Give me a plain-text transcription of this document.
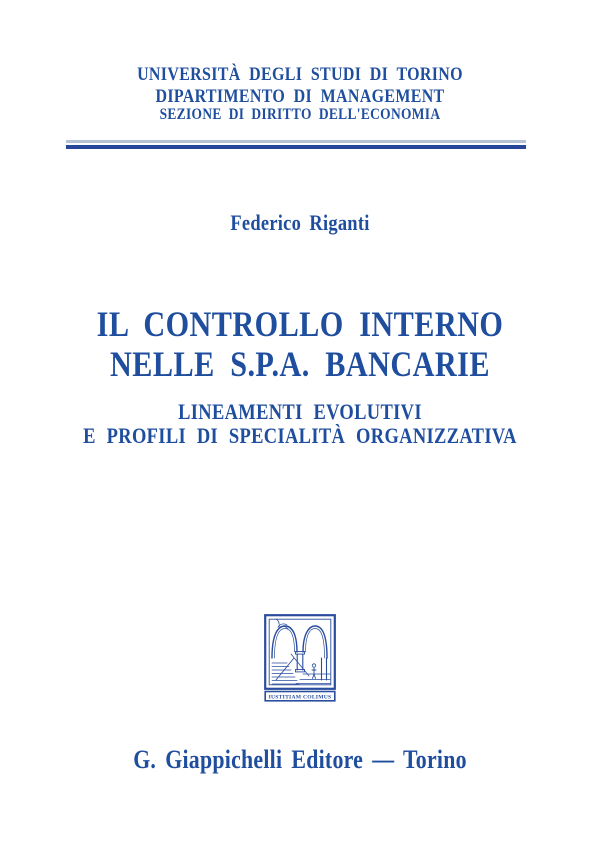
UNIVERSITÀ DEGLI STUDI DI TORINO
DIPARTIMENTO DI MANAGEMENT
SEZIONE DI DIRITTO DELL'ECONOMIA
Federico Riganti
IL CONTROLLO INTERNO
NELLE S.P.A. BANCARIE
LINEAMENTI EVOLUTIVI
E PROFILI DI SPECIALITÀ ORGANIZZATIVA
IUSTITIAM COLIMUS
G. Giappichelli Editore — Torino
